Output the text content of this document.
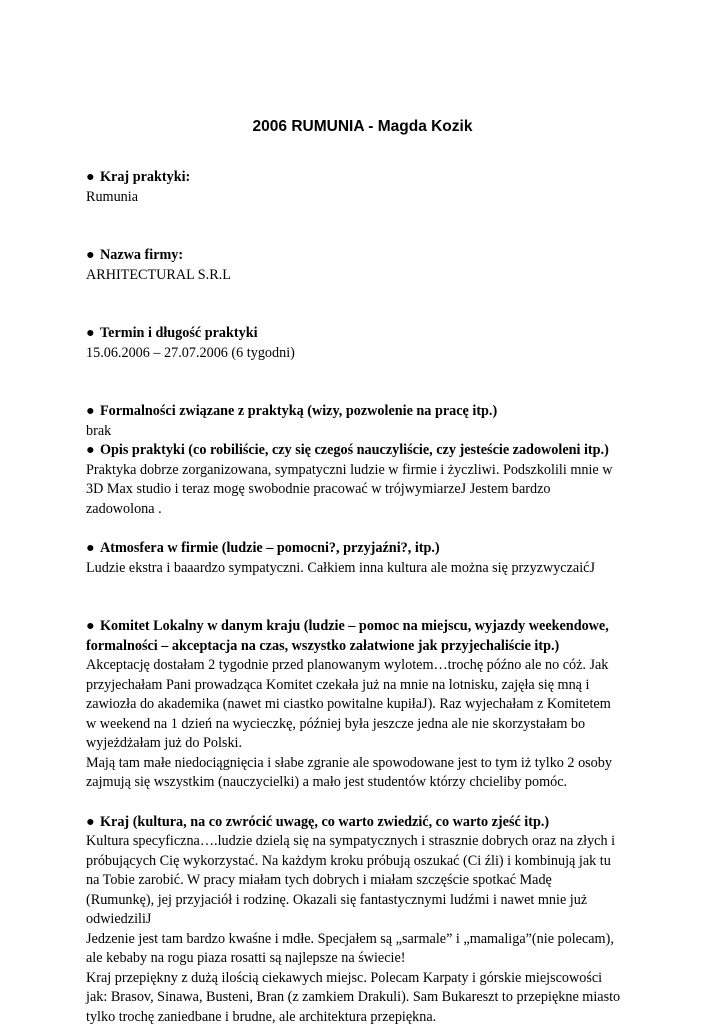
2006 RUMUNIA - Magda Kozik
● Kraj praktyki:
Rumunia
● Nazwa firmy:
ARHITECTURAL S.R.L
● Termin i długość praktyki
15.06.2006 – 27.07.2006 (6 tygodni)
● Formalności związane z praktyką (wizy, pozwolenie na pracę itp.)
brak
● Opis praktyki (co robiliście, czy się czegoś nauczyliście, czy jesteście zadowoleni itp.)
Praktyka dobrze zorganizowana, sympatyczni ludzie w firmie i życzliwi. Podszkolili mnie w
3D Max studio i teraz mogę swobodnie pracować w trójwymiarzeJ Jestem bardzo
zadowolona .
● Atmosfera w firmie (ludzie – pomocni?, przyjaźni?, itp.)
Ludzie ekstra i baaardzo sympatyczni. Całkiem inna kultura ale można się przyzwyczaićJ
● Komitet Lokalny w danym kraju (ludzie – pomoc na miejscu, wyjazdy weekendowe,
formalności – akceptacja na czas, wszystko załatwione jak przyjechaliście itp.)
Akceptację dostałam 2 tygodnie przed planowanym wylotem…trochę późno ale no cóż. Jak
przyjechałam Pani prowadząca Komitet czekała już na mnie na lotnisku, zajęła się mną i
zawiozła do akademika (nawet mi ciastko powitalne kupiłaJ). Raz wyjechałam z Komitetem
w weekend na 1 dzień na wycieczkę, później była jeszcze jedna ale nie skorzystałam bo
wyjeżdżałam już do Polski.
Mają tam małe niedociągnięcia i słabe zgranie ale spowodowane jest to tym iż tylko 2 osoby
zajmują się wszystkim (nauczycielki) a mało jest studentów którzy chcieliby pomóc.
● Kraj (kultura, na co zwrócić uwagę, co warto zwiedzić, co warto zjeść itp.)
Kultura specyficzna….ludzie dzielą się na sympatycznych i strasznie dobrych oraz na złych i
próbujących Cię wykorzystać. Na każdym kroku próbują oszukać (Ci źli) i kombinują jak tu
na Tobie zarobić. W pracy miałam tych dobrych i miałam szczęście spotkać Madę
(Rumunkę), jej przyjaciół i rodzinę. Okazali się fantastycznymi ludźmi i nawet mnie już
odwiedziliJ
Jedzenie jest tam bardzo kwaśne i mdłe. Specjałem są „sarmale” i „mamaliga”(nie polecam),
ale kebaby na rogu piaza rosatti są najlepsze na świecie!
Kraj przepiękny z dużą ilością ciekawych miejsc. Polecam Karpaty i górskie miejscowości
jak: Brasov, Sinawa, Busteni, Bran (z zamkiem Drakuli). Sam Bukareszt to przepiękne miasto
tylko trochę zaniedbane i brudne, ale architektura przepiękna.
